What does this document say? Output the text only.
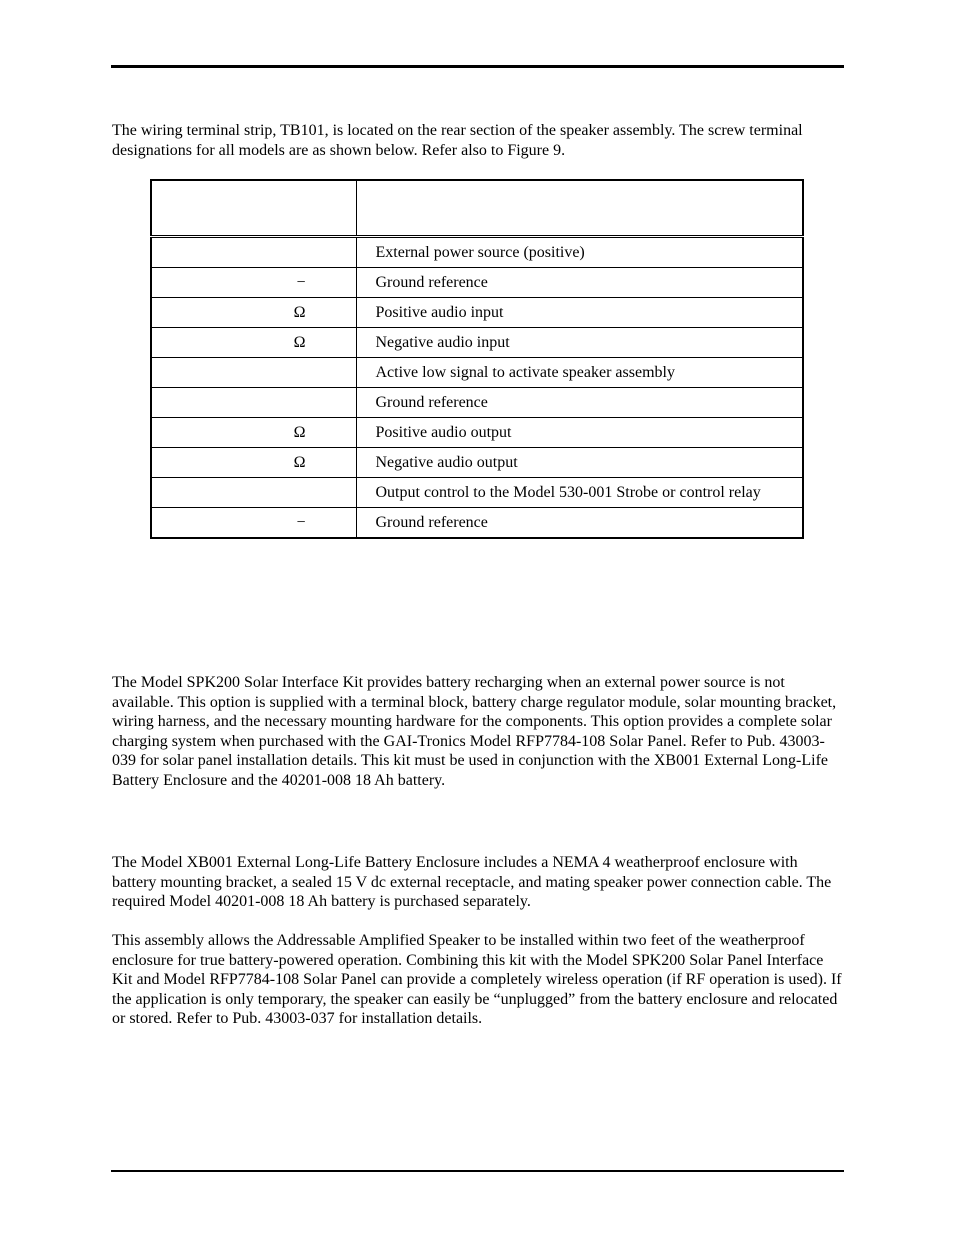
The wiring terminal strip, TB101, is located on the rear section of the speaker assembly. The screw terminal designations for all models are as shown below. Refer also to Figure 9.

	External power source (positive)
−	Ground reference
Ω	Positive audio input
Ω	Negative audio input
	Active low signal to activate speaker assembly
	Ground reference
Ω	Positive audio output
Ω	Negative audio output
	Output control to the Model 530-001 Strobe or control relay
−	Ground reference

The Model SPK200 Solar Interface Kit provides battery recharging when an external power source is not available. This option is supplied with a terminal block, battery charge regulator module, solar mounting bracket, wiring harness, and the necessary mounting hardware for the components. This option provides a complete solar charging system when purchased with the GAI-Tronics Model RFP7784-108 Solar Panel. Refer to Pub. 43003-039 for solar panel installation details. This kit must be used in conjunction with the XB001 External Long-Life Battery Enclosure and the 40201-008 18 Ah battery.

The Model XB001 External Long-Life Battery Enclosure includes a NEMA 4 weatherproof enclosure with battery mounting bracket, a sealed 15 V dc external receptacle, and mating speaker power connection cable. The required Model 40201-008 18 Ah battery is purchased separately.

This assembly allows the Addressable Amplified Speaker to be installed within two feet of the weatherproof enclosure for true battery-powered operation. Combining this kit with the Model SPK200 Solar Panel Interface Kit and Model RFP7784-108 Solar Panel can provide a completely wireless operation (if RF operation is used). If the application is only temporary, the speaker can easily be “unplugged” from the battery enclosure and relocated or stored. Refer to Pub. 43003-037 for installation details.
